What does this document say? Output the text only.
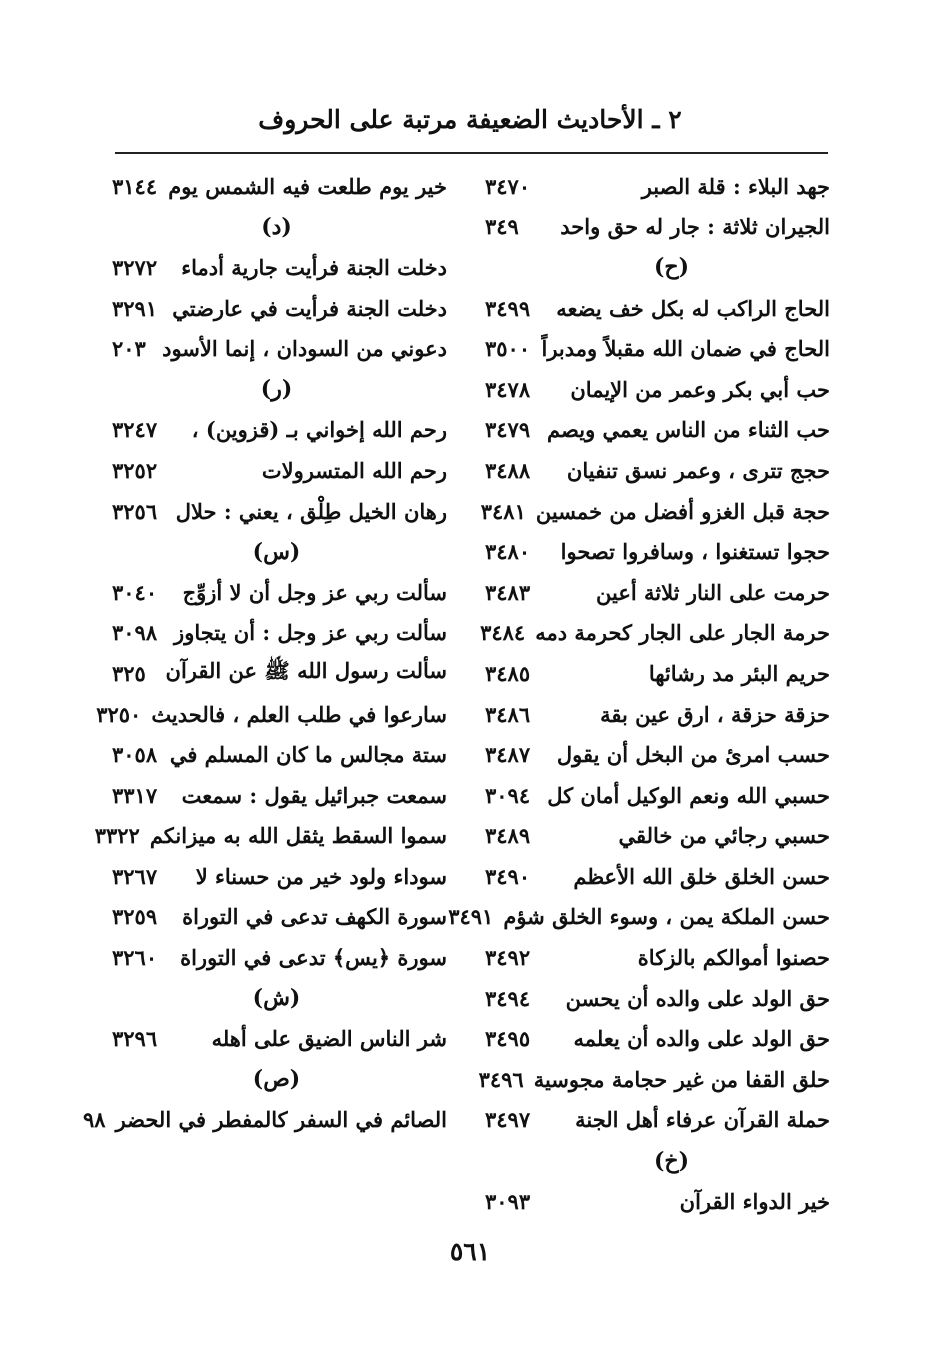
٢ ـ الأحاديث الضعيفة مرتبة على الحروف
جهد البلاء : قلة الصبر
٣٤٧٠
الجيران ثلاثة : جار له حق واحد
٣٤٩
(ح)
الحاج الراكب له بكل خف يضعه
٣٤٩٩
الحاج في ضمان الله مقبلاً ومدبراً
٣٥٠٠
حب أبي بكر وعمر من الإيمان
٣٤٧٨
حب الثناء من الناس يعمي ويصم
٣٤٧٩
حجج تترى ، وعمر نسق تنفيان
٣٤٨٨
حجة قبل الغزو أفضل من خمسين
٣٤٨١
حجوا تستغنوا ، وسافروا تصحوا
٣٤٨٠
حرمت على النار ثلاثة أعين
٣٤٨٣
حرمة الجار على الجار كحرمة دمه
٣٤٨٤
حريم البئر مد رشائها
٣٤٨٥
حزقة حزقة ، ارق عين بقة
٣٤٨٦
حسب امرئ من البخل أن يقول
٣٤٨٧
حسبي الله ونعم الوكيل أمان كل
٣٠٩٤
حسبي رجائي من خالقي
٣٤٨٩
حسن الخلق خلق الله الأعظم
٣٤٩٠
حسن الملكة يمن ، وسوء الخلق شؤم
٣٤٩١
حصنوا أموالكم بالزكاة
٣٤٩٢
حق الولد على والده أن يحسن
٣٤٩٤
حق الولد على والده أن يعلمه
٣٤٩٥
حلق القفا من غير حجامة مجوسية
٣٤٩٦
حملة القرآن عرفاء أهل الجنة
٣٤٩٧
(خ)
خير الدواء القرآن
٣٠٩٣
خير يوم طلعت فيه الشمس يوم
٣١٤٤
(د)
دخلت الجنة فرأيت جارية أدماء
٣٢٧٢
دخلت الجنة فرأيت في عارضتي
٣٢٩١
دعوني من السودان ، إنما الأسود
٢٠٣
(ر)
رحم الله إخواني بـ (قزوين) ،
٣٢٤٧
رحم الله المتسرولات
٣٢٥٢
رهان الخيل طِلْق ، يعني : حلال
٣٢٥٦
(س)
سألت ربي عز وجل أن لا أزوِّج
٣٠٤٠
سألت ربي عز وجل : أن يتجاوز
٣٠٩٨
سألت رسول الله ﷺ عن القرآن
٣٢٥
سارعوا في طلب العلم ، فالحديث
٣٢٥٠
ستة مجالس ما كان المسلم في
٣٠٥٨
سمعت جبرائيل يقول : سمعت
٣٣١٧
سموا السقط يثقل الله به ميزانكم
٣٣٢٢
سوداء ولود خير من حسناء لا
٣٢٦٧
سورة الكهف تدعى في التوراة
٣٢٥٩
سورة ﴿يس﴾ تدعى في التوراة
٣٢٦٠
(ش)
شر الناس الضيق على أهله
٣٢٩٦
(ص)
الصائم في السفر كالمفطر في الحضر
٩٨
٥٦١
